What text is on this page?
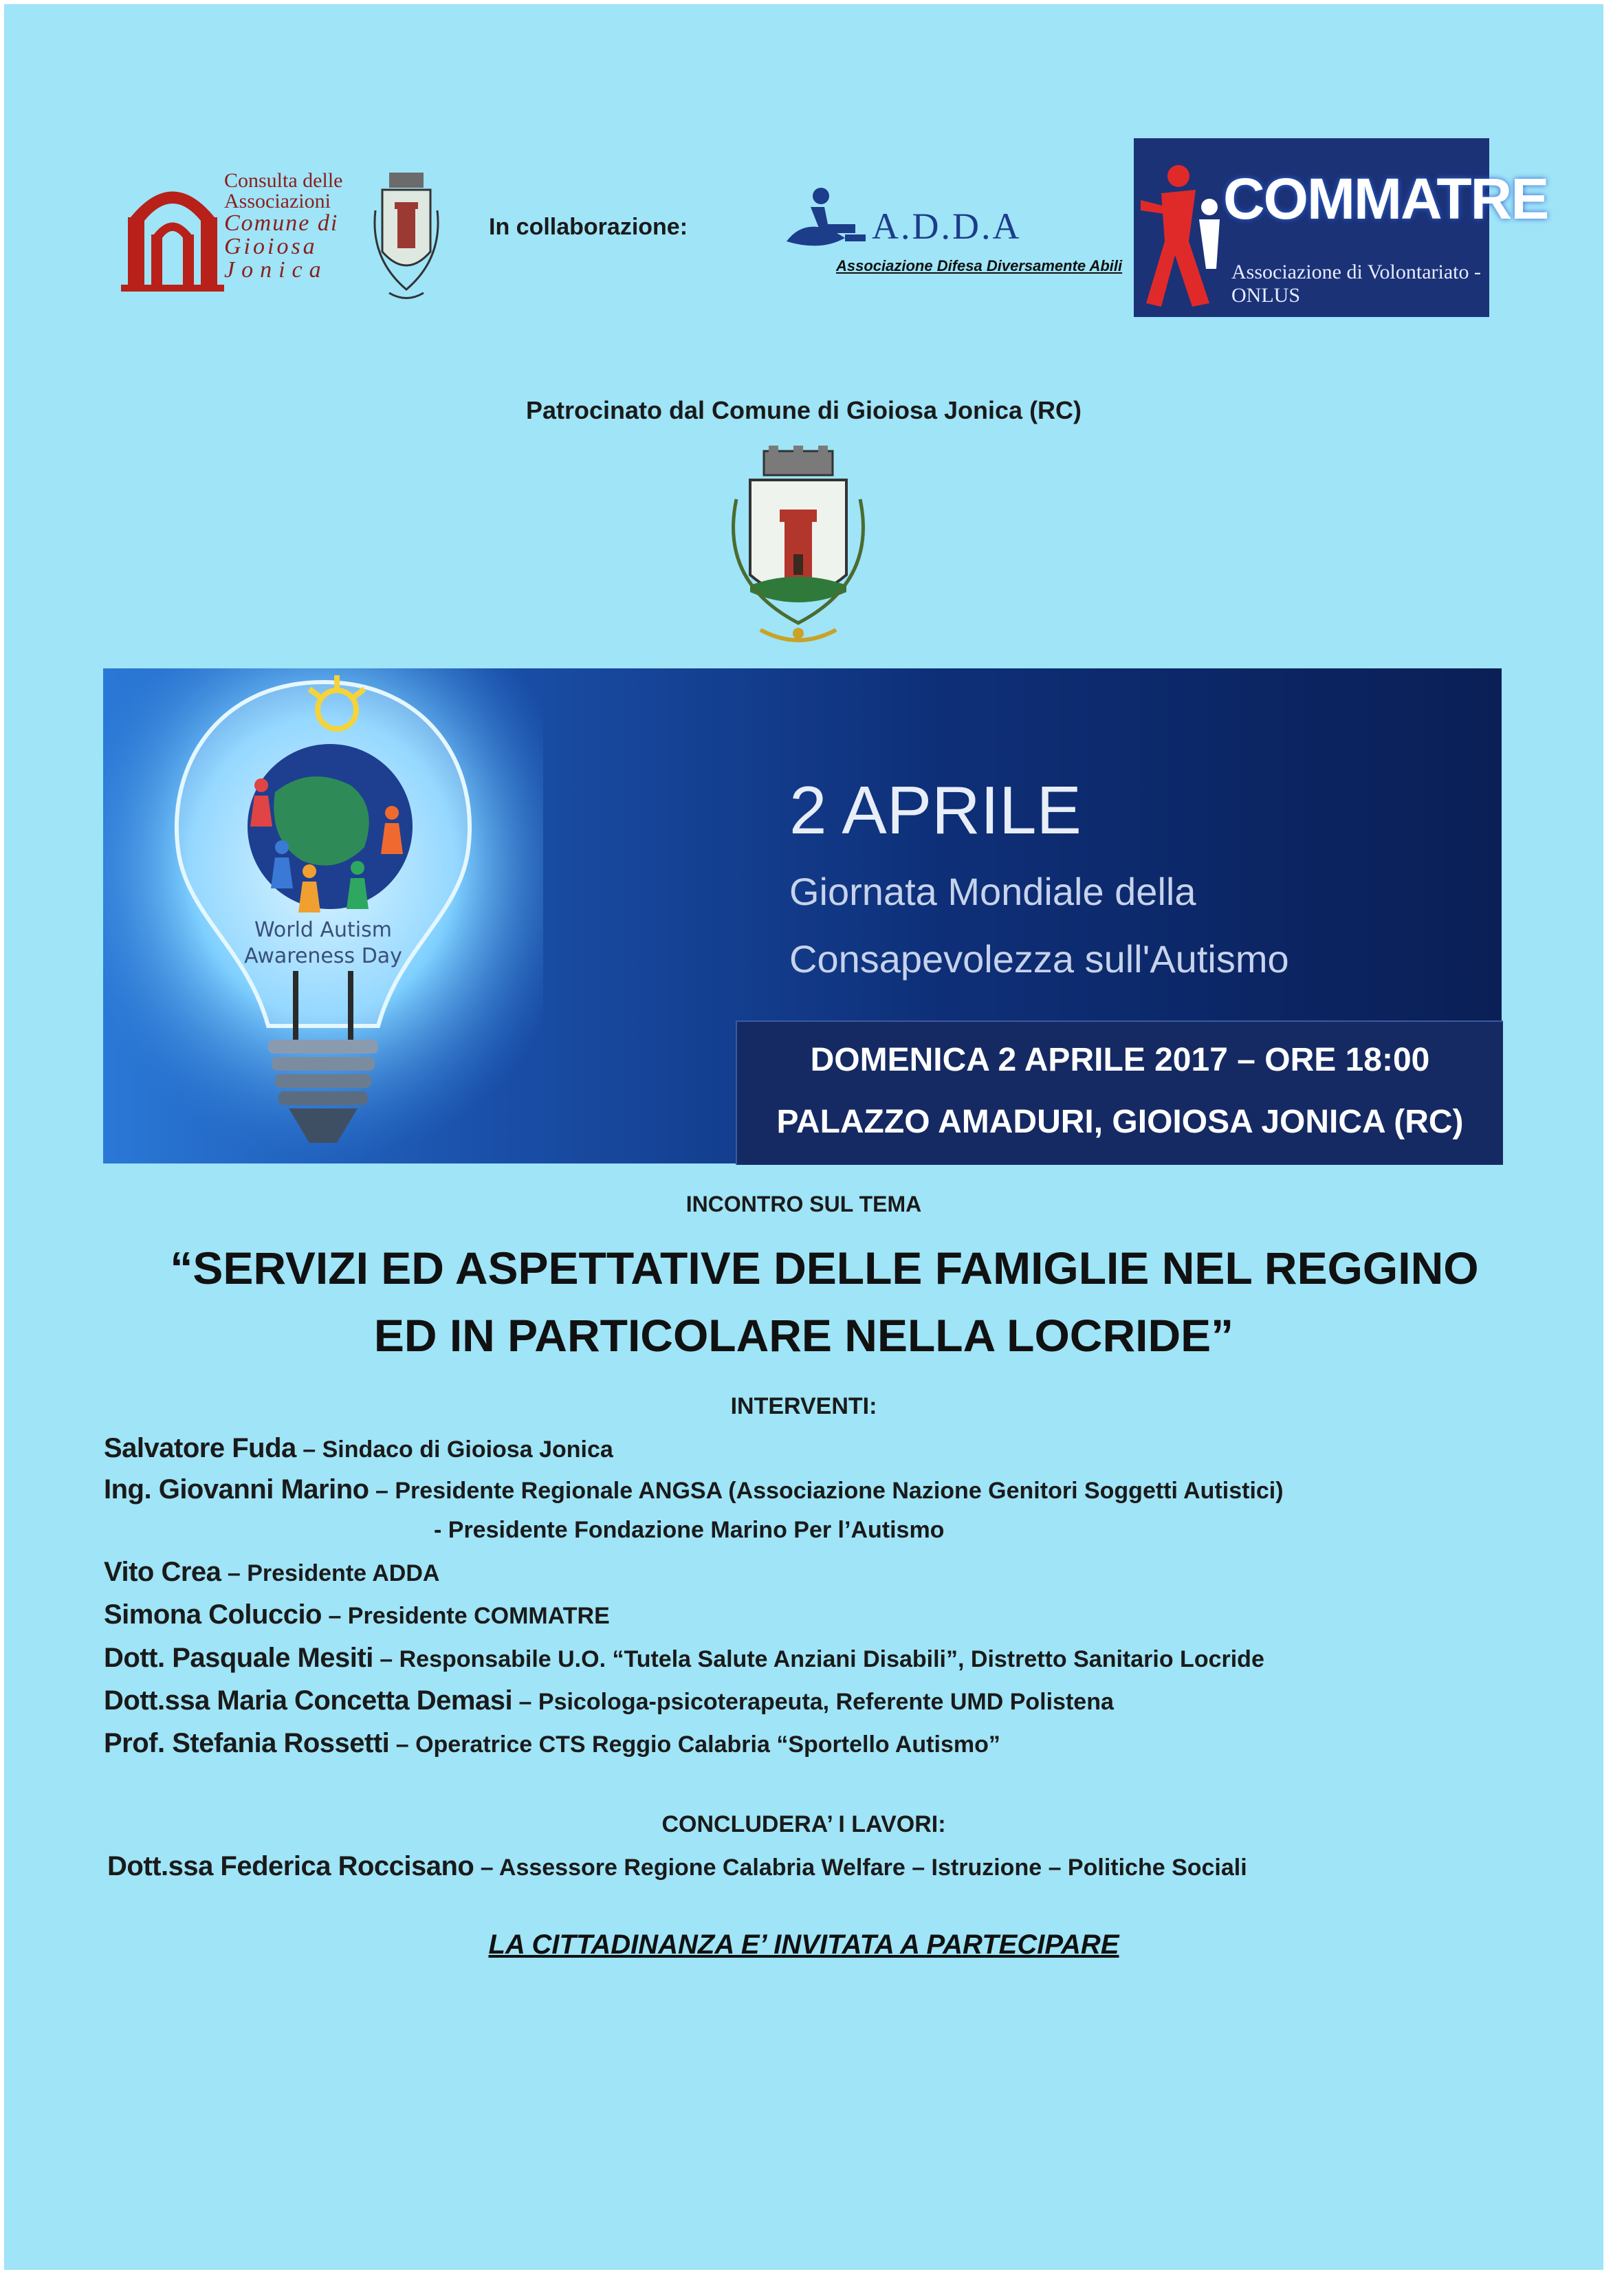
Consulta delle
Associazioni
Comune di
Gioiosa
Jonica
In collaborazione:	A.D.D.A
Associazione Difesa Diversamente Abili
COMMATRE
Associazione di Volontariato - ONLUS
Patrocinato dal Comune di Gioiosa Jonica (RC)
World Autism
Awareness Day
2 APRILE
Giornata Mondiale della
Consapevolezza sull'Autismo
DOMENICA 2 APRILE 2017 – ORE 18:00
PALAZZO AMADURI, GIOIOSA JONICA (RC)
INCONTRO SUL TEMA
“SERVIZI ED ASPETTATIVE DELLE FAMIGLIE NEL REGGINO
ED IN PARTICOLARE NELLA LOCRIDE”
INTERVENTI:
Salvatore Fuda – Sindaco di Gioiosa Jonica
Ing. Giovanni Marino – Presidente Regionale ANGSA (Associazione Nazione Genitori Soggetti Autistici)
- Presidente Fondazione Marino Per l’Autismo
Vito Crea – Presidente ADDA
Simona Coluccio – Presidente COMMATRE
Dott. Pasquale Mesiti – Responsabile U.O. “Tutela Salute Anziani Disabili”, Distretto Sanitario Locride
Dott.ssa Maria Concetta Demasi – Psicologa-psicoterapeuta, Referente UMD Polistena
Prof. Stefania Rossetti – Operatrice CTS Reggio Calabria “Sportello Autismo”
CONCLUDERA’ I LAVORI:
Dott.ssa Federica Roccisano – Assessore Regione Calabria Welfare – Istruzione – Politiche Sociali
LA CITTADINANZA E’ INVITATA A PARTECIPARE
